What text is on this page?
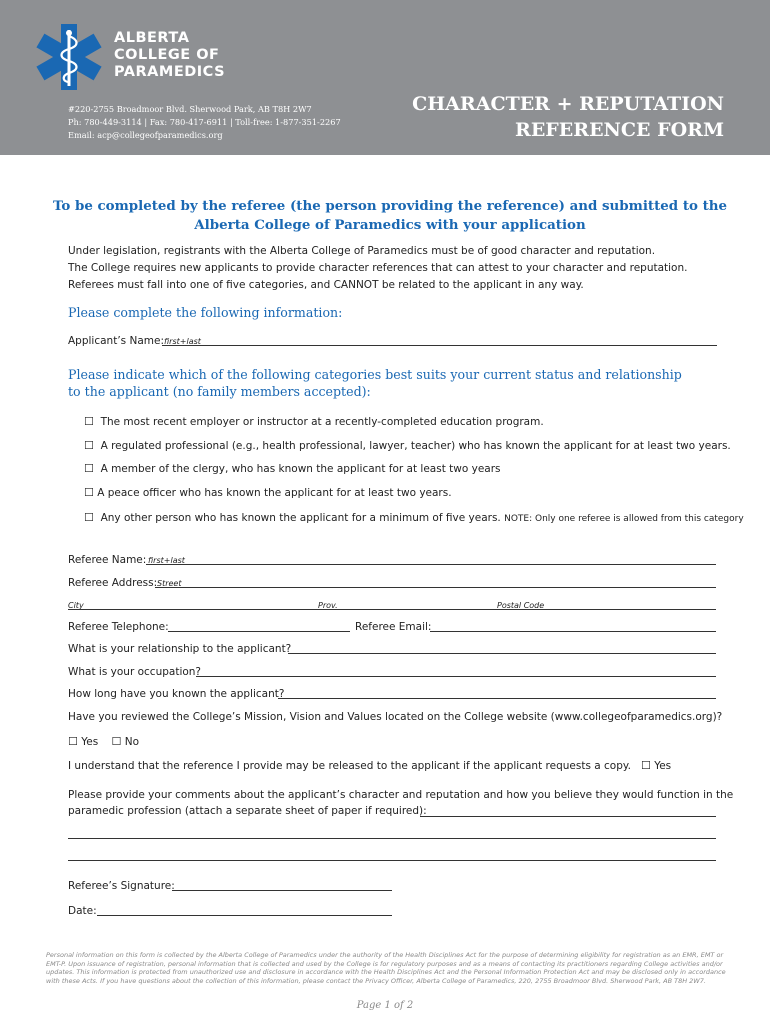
ALBERTA
COLLEGE OF
PARAMEDICS
#220-2755 Broadmoor Blvd. Sherwood Park, AB T8H 2W7
Ph: 780-449-3114 | Fax: 780-417-6911 | Toll-free: 1-877-351-2267
Email: acp@collegeofparamedics.org
CHARACTER + REPUTATION
REFERENCE FORM
To be completed by the referee (the person providing the reference) and submitted to the Alberta College of Paramedics with your application
Under legislation, registrants with the Alberta College of Paramedics must be of good character and reputation.
The College requires new applicants to provide character references that can attest to your character and reputation.
Referees must fall into one of five categories, and CANNOT be related to the applicant in any way.
Please complete the following information:
Applicant’s Name: first+last
Please indicate which of the following categories best suits your current status and relationship
to the applicant (no family members accepted):
☐ The most recent employer or instructor at a recently-completed education program.
☐ A regulated professional (e.g., health professional, lawyer, teacher) who has known the applicant for at least two years.
☐ A member of the clergy, who has known the applicant for at least two years
☐ A peace officer who has known the applicant for at least two years.
☐ Any other person who has known the applicant for a minimum of five years. NOTE: Only one referee is allowed from this category
Referee Name: first+last
Referee Address: Street
City	Prov.	Postal Code
Referee Telephone:	Referee Email:
What is your relationship to the applicant?
What is your occupation?
How long have you known the applicant?
Have you reviewed the College’s Mission, Vision and Values located on the College website (www.collegeofparamedics.org)?
☐ Yes ☐ No
I understand that the reference I provide may be released to the applicant if the applicant requests a copy. ☐ Yes
Please provide your comments about the applicant’s character and reputation and how you believe they would function in the
paramedic profession (attach a separate sheet of paper if required):
Referee’s Signature:
Date:
Personal information on this form is collected by the Alberta College of Paramedics under the authority of the Health Disciplines Act for the purpose of determining eligibility for registration as an EMR, EMT or EMT-P. Upon issuance of registration, personal information that is collected and used by the College is for regulatory purposes and as a means of contacting its practitioners regarding College activities and/or updates. This information is protected from unauthorized use and disclosure in accordance with the Health Disciplines Act and the Personal Information Protection Act and may be disclosed only in accordance with these Acts. If you have questions about the collection of this information, please contact the Privacy Officer, Alberta College of Paramedics, 220, 2755 Broadmoor Blvd. Sherwood Park, AB T8H 2W7.
Page 1 of 2
